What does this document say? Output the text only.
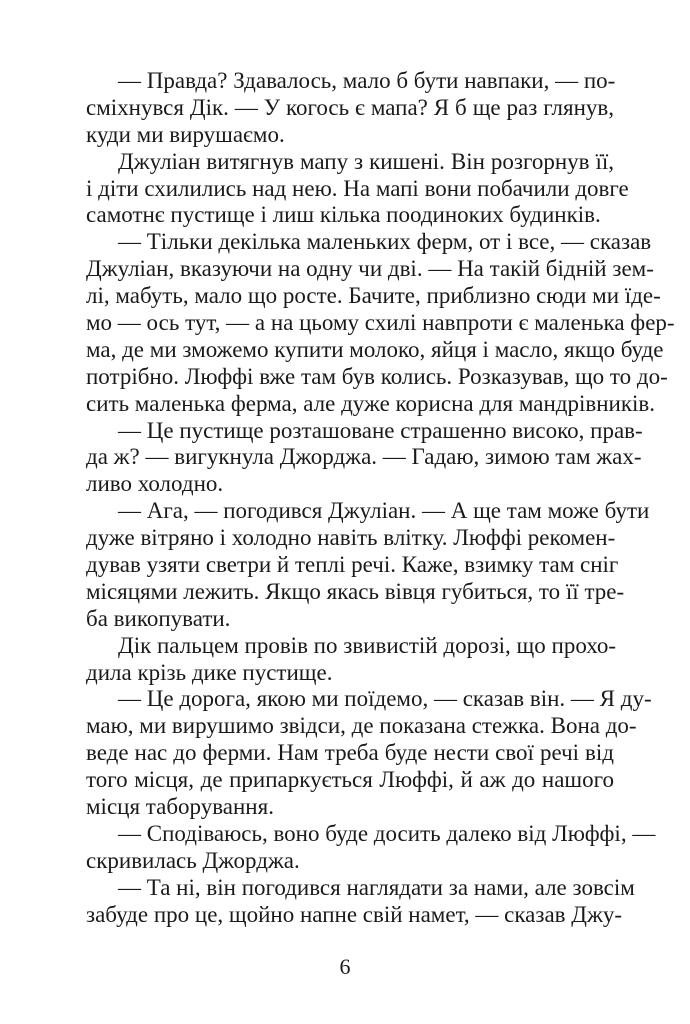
— Правда? Здавалось, мало б бути навпаки, — по-
сміхнувся Дік. — У когось є мапа? Я б ще раз глянув,
куди ми вирушаємо.
Джуліан витягнув мапу з кишені. Він розгорнув її,
і діти схилились над нею. На мапі вони побачили довге
самотнє пустище і лиш кілька поодиноких будинків.
— Тільки декілька маленьких ферм, от і все, — сказав
Джуліан, вказуючи на одну чи дві. — На такій бідній зем-
лі, мабуть, мало що росте. Бачите, приблизно сюди ми їде-
мо — ось тут, — а на цьому схилі навпроти є маленька фер-
ма, де ми зможемо купити молоко, яйця і масло, якщо буде
потрібно. Люффі вже там був колись. Розказував, що то до-
сить маленька ферма, але дуже корисна для мандрівників.
— Це пустище розташоване страшенно високо, прав-
да ж? — вигукнула Джорджа. — Гадаю, зимою там жах-
ливо холодно.
— Ага, — погодився Джуліан. — А ще там може бути
дуже вітряно і холодно навіть влітку. Люффі рекомен-
дував узяти светри й теплі речі. Каже, взимку там сніг
місяцями лежить. Якщо якась вівця губиться, то її тре-
ба викопувати.
Дік пальцем провів по звивистій дорозі, що прохо-
дила крізь дике пустище.
— Це дорога, якою ми поїдемо, — сказав він. — Я ду-
маю, ми вирушимо звідси, де показана стежка. Вона до-
веде нас до ферми. Нам треба буде нести свої речі від
того місця, де припаркується Люффі, й аж до нашого
місця таборування.
— Сподіваюсь, воно буде досить далеко від Люффі, —
скривилась Джорджа.
— Та ні, він погодився наглядати за нами, але зовсім
забуде про це, щойно напне свій намет, — сказав Джу-
6
